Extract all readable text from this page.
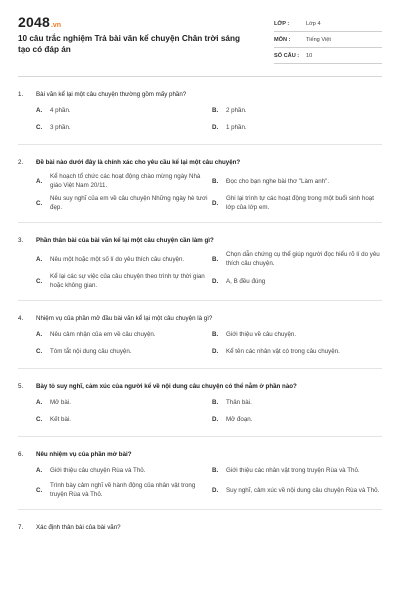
2048 .vn
10 câu trắc nghiệm Trả bài văn kể chuyện Chân trời sáng tạo có đáp án
LỚP :	Lớp 4
MÔN :	Tiếng Việt
SỐ CÂU :	10
1.	Bài văn kể lại một câu chuyện thường gồm mấy phần?
A.	4 phần.	B.	2 phần.
C.	3 phần.	D.	1 phần.
2.	Đề bài nào dưới đây là chính xác cho yêu cầu kể lại một câu chuyện?
A.
Kể hoạch tổ chức các hoạt động chào mừng ngày Nhà giáo Việt Nam 20/11.
B.	Đọc cho bạn nghe bài thơ "Làm anh".
C.
Nêu suy nghĩ của em về câu chuyện Những ngày hè tươi đẹp.
D.
Ghi lại trình tự các hoạt động trong một buổi sinh hoạt lớp của lớp em.
3.	Phần thân bài của bài văn kể lại một câu chuyện cần làm gì?
A.	Nêu một hoặc một số lí do yêu thích câu chuyện.	B.
Chọn dẫn chứng cụ thể giúp người đọc hiểu rõ lí do yêu thích câu chuyện.
C.
Kể lại các sự việc của câu chuyện theo trình tự thời gian hoặc không gian.
D.	A, B đều đúng
4.	Nhiệm vụ của phần mở đầu bài văn kể lại một câu chuyện là gì?
A.	Nêu cảm nhận của em về câu chuyện.	B.	Giới thiệu về câu chuyện.
C.	Tóm tắt nội dung câu chuyện.	D.	Kể tên các nhân vật có trong câu chuyện.
5.	Bày tỏ suy nghĩ, cảm xúc của người kể về nội dung câu chuyện có thể nằm ở phần nào?
A.	Mở bài.	B.	Thân bài.
C.	Kết bài.	D.	Mở đoạn.
6.	Nêu nhiệm vụ của phần mở bài?
A.	Giới thiệu câu chuyện Rùa và Thỏ.	B.	Giới thiệu các nhân vật trong truyện Rùa và Thỏ.
C.
Trình bày cảm nghĩ về hành động của nhân vật trong truyện Rùa và Thỏ.
D.	Suy nghĩ, cảm xúc về nội dung câu chuyện Rùa và Thỏ.
7.	Xác định thân bài của bài văn?
